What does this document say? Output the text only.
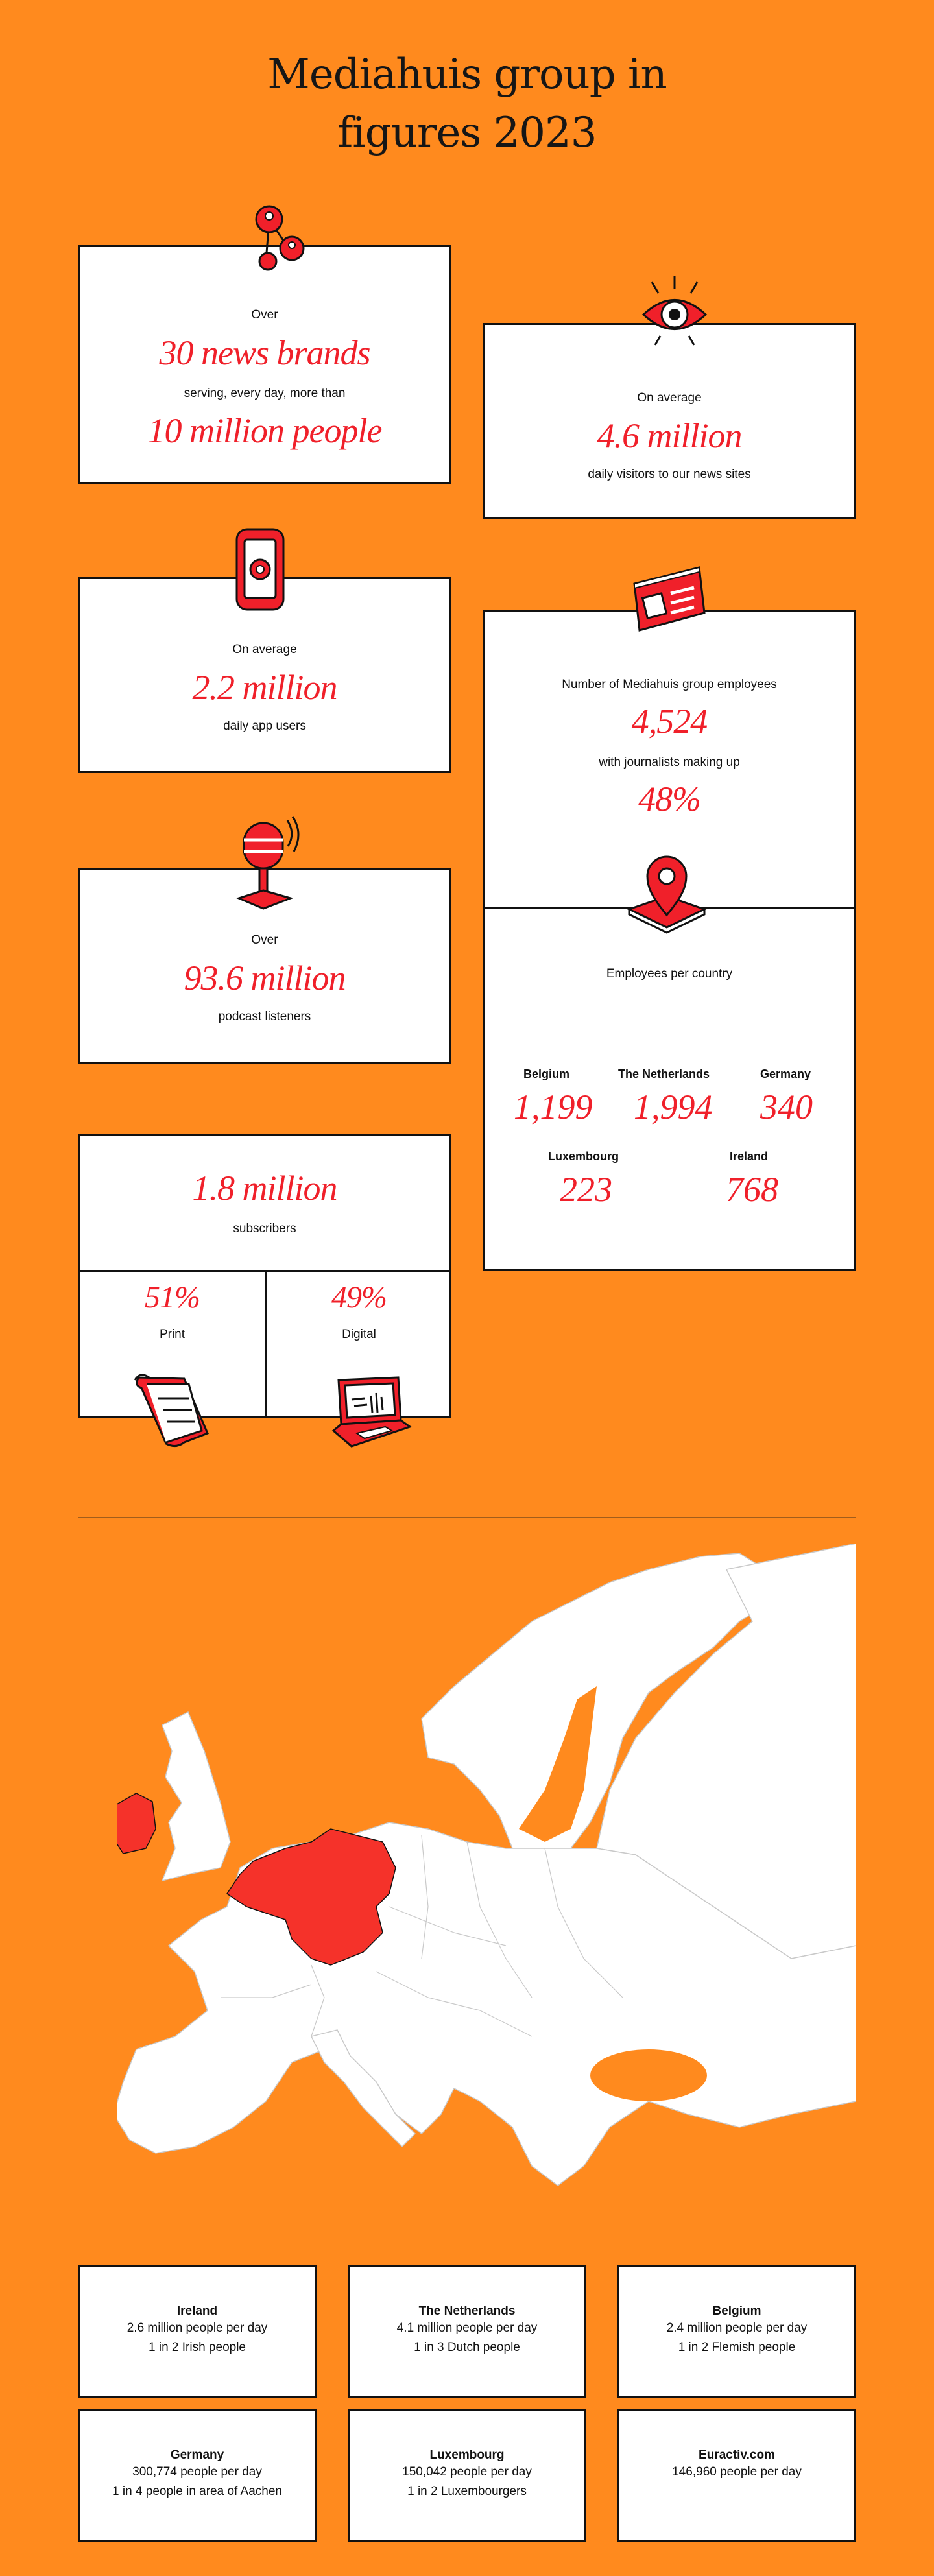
Mediahuis group in
figures 2023
Over
30 news brands
serving, every day, more than
10 million people
On average
4.6 million
daily visitors to our news sites
On average
2.2 million
daily app users
Number of Mediahuis group employees
4,524
with journalists making up
48%
Employees per country
Belgium
1,199
The Netherlands
1,994
Germany
340
Luxembourg
223
Ireland
768
Over
93.6 million
podcast listeners
1.8 million
subscribers
51%
Print
49%
Digital
Ireland
2.6 million people per day
1 in 2 Irish people
The Netherlands
4.1 million people per day
1 in 3 Dutch people
Belgium
2.4 million people per day
1 in 2 Flemish people
Germany
300,774 people per day
1 in 4 people in area of Aachen
Luxembourg
150,042 people per day
1 in 2 Luxembourgers
Euractiv.com
146,960 people per day
